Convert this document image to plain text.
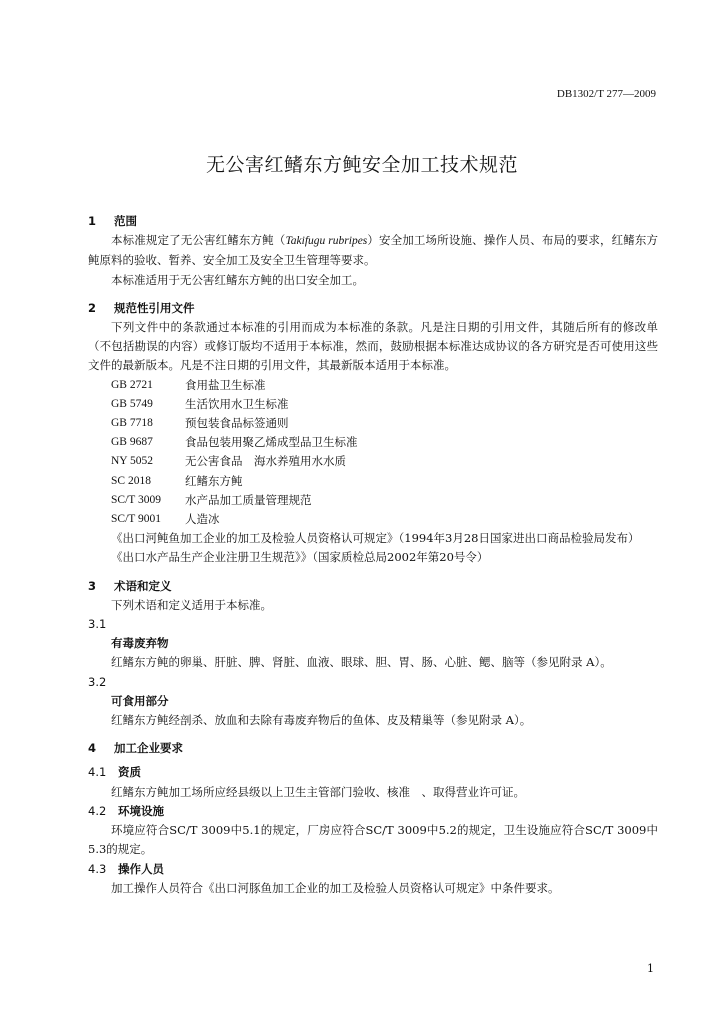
DB1302/T 277—2009
无公害红鳍东方鲀安全加工技术规范
1 范围

本标准规定了无公害红鳍东方鲀（Takifugu rubripes）安全加工场所设施、操作人员、布局的要求，红鳍东方鲀原料的验收、暂养、安全加工及安全卫生管理等要求。

本标准适用于无公害红鳍东方鲀的出口安全加工。

2 规范性引用文件

下列文件中的条款通过本标准的引用而成为本标准的条款。凡是注日期的引用文件，其随后所有的修改单（不包括勘误的内容）或修订版均不适用于本标准，然而，鼓励根据本标准达成协议的各方研究是否可使用这些文件的最新版本。凡是不注日期的引用文件，其最新版本适用于本标准。

GB 2721	食用盐卫生标准
GB 5749	生活饮用水卫生标准
GB 7718	预包装食品标签通则
GB 9687	食品包装用聚乙烯成型品卫生标准
NY 5052	无公害食品　海水养殖用水水质
SC 2018	红鳍东方鲀
SC/T 3009	水产品加工质量管理规范
SC/T 9001	人造冰

《出口河鲀鱼加工企业的加工及检验人员资格认可规定》（1994年3月28日国家进出口商品检验局发布）

《出口水产品生产企业注册卫生规范》》（国家质检总局2002年第20号令）

3 术语和定义

下列术语和定义适用于本标准。

3.1
有毒废弃物

红鳍东方鲀的卵巢、肝脏、脾、肾脏、血液、眼球、胆、胃、肠、心脏、鳃、脑等（参见附录 A）。

3.2
可食用部分

红鳍东方鲀经剖杀、放血和去除有毒废弃物后的鱼体、皮及精巢等（参见附录 A）。

4 加工企业要求
4.1 资质

红鳍东方鲀加工场所应经县级以上卫生主管部门验收、核准　、取得营业许可证。

4.2 环境设施

环境应符合SC/T 3009中5.1的规定，厂房应符合SC/T 3009中5.2的规定，卫生设施应符合SC/T 3009中5.3的规定。

4.3 操作人员

加工操作人员符合《出口河豚鱼加工企业的加工及检验人员资格认可规定》中条件要求。

1
